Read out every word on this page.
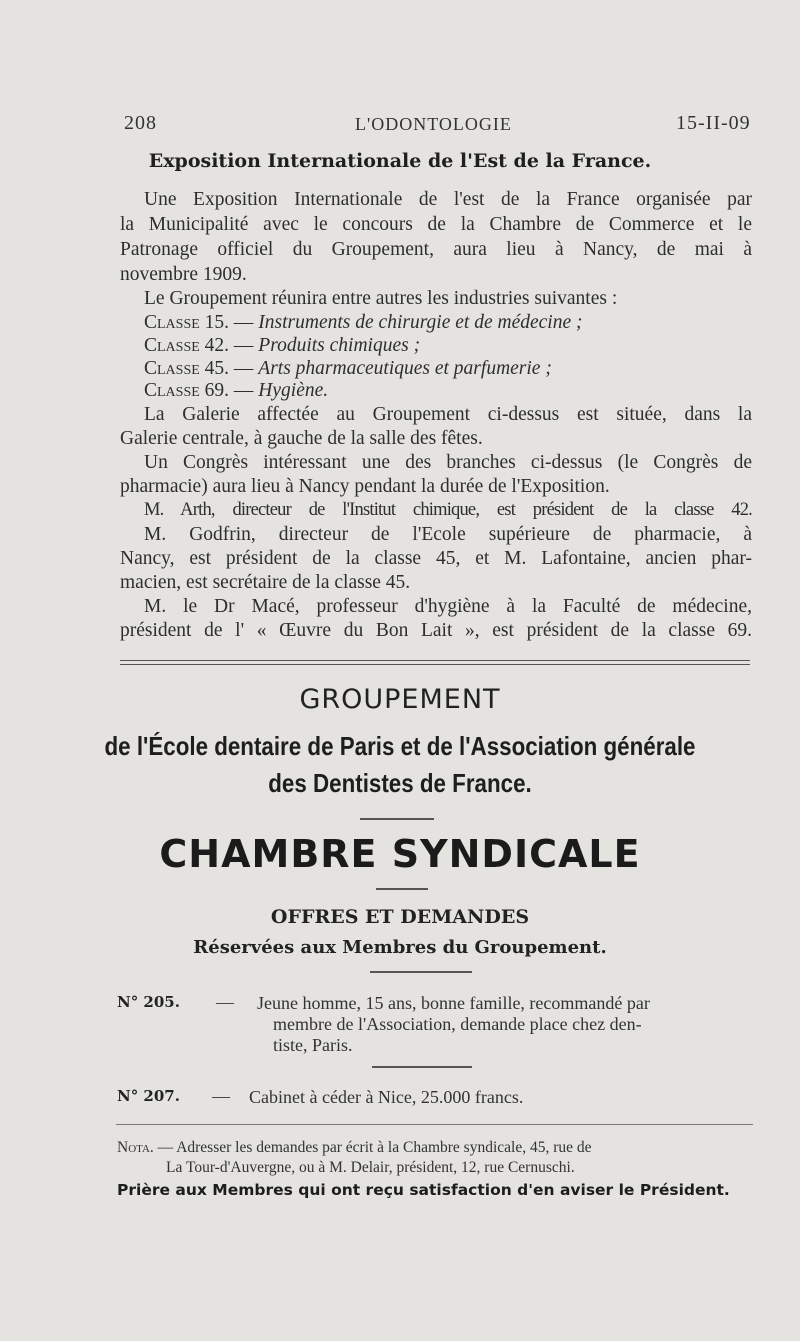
208	L'ODONTOLOGIE	15-II-09
Exposition Internationale de l'Est de la France.
Une Exposition Internationale de l'est de la France organisée par
la Municipalité avec le concours de la Chambre de Commerce et le
Patronage officiel du Groupement, aura lieu à Nancy, de mai à
novembre 1909.
Le Groupement réunira entre autres les industries suivantes :
Classe 15. — Instruments de chirurgie et de médecine ;
Classe 42. — Produits chimiques ;
Classe 45. — Arts pharmaceutiques et parfumerie ;
Classe 69. — Hygiène.
La Galerie affectée au Groupement ci-dessus est située, dans la
Galerie centrale, à gauche de la salle des fêtes.
Un Congrès intéressant une des branches ci-dessus (le Congrès de
pharmacie) aura lieu à Nancy pendant la durée de l'Exposition.
M. Arth, directeur de l'Institut chimique, est président de la classe 42.
M. Godfrin, directeur de l'Ecole supérieure de pharmacie, à
Nancy, est président de la classe 45, et M. Lafontaine, ancien phar-
macien, est secrétaire de la classe 45.
M. le Dr Macé, professeur d'hygiène à la Faculté de médecine,
président de l' « Œuvre du Bon Lait », est président de la classe 69.
GROUPEMENT
de l'École dentaire de Paris et de l'Association générale
des Dentistes de France.
CHAMBRE SYNDICALE
OFFRES ET DEMANDES
Réservées aux Membres du Groupement.
N° 205. — Jeune homme, 15 ans, bonne famille, recommandé par
membre de l'Association, demande place chez den-
tiste, Paris.
N° 207. — Cabinet à céder à Nice, 25.000 francs.
Nota. — Adresser les demandes par écrit à la Chambre syndicale, 45, rue de
La Tour-d'Auvergne, ou à M. Delair, président, 12, rue Cernuschi.
Prière aux Membres qui ont reçu satisfaction d'en aviser le Président.
